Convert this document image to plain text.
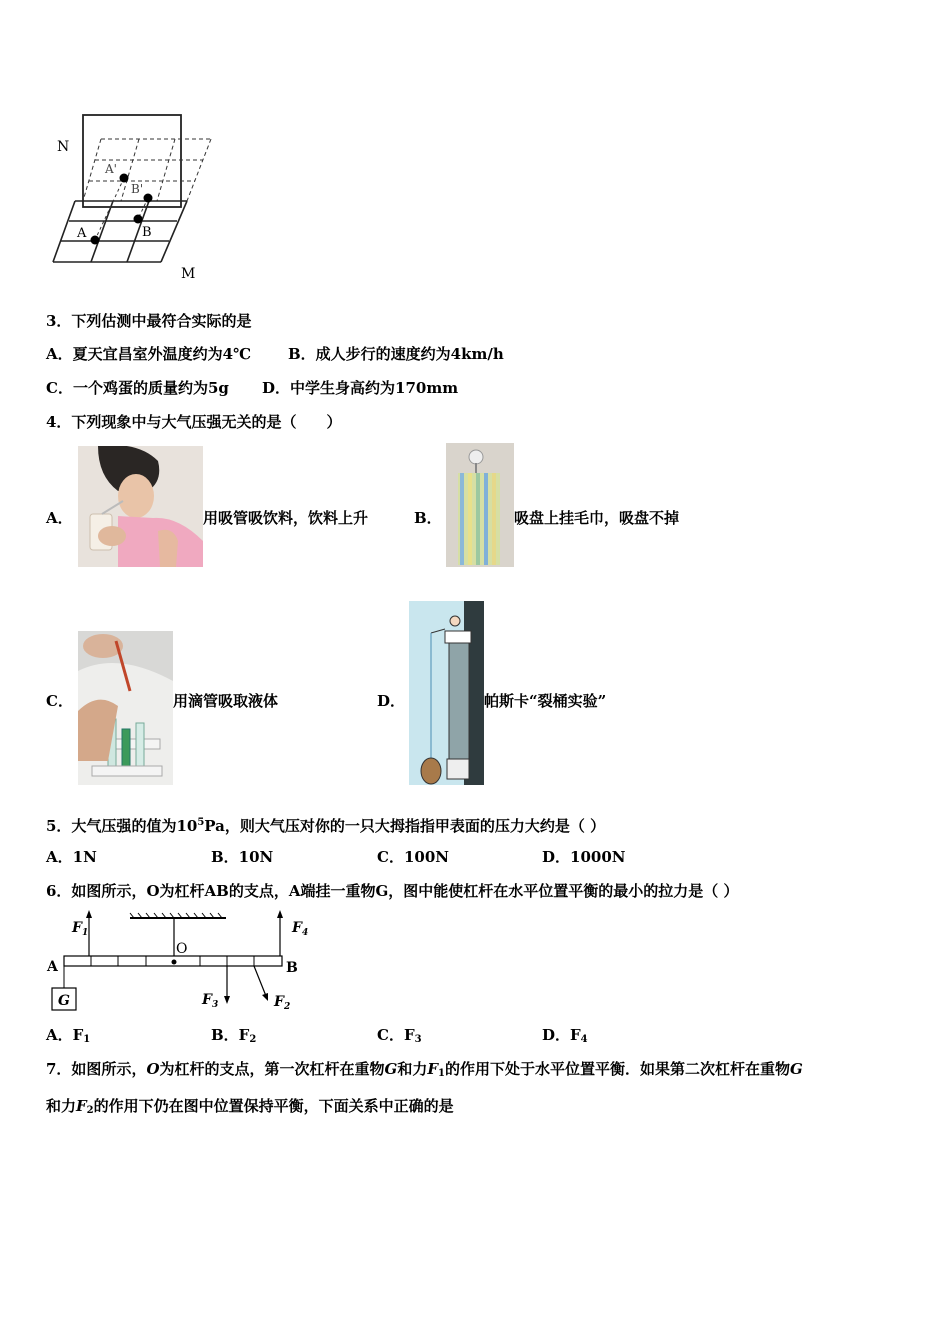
N
M
A'
B'
A	B
3．下列估测中最符合实际的是
A．夏天宜昌室外温度约为4℃ B．成人步行的速度约为4km/h
C．一个鸡蛋的质量约为5g D．中学生身高约为170mm
4．下列现象中与大气压强无关的是（　　）
A．	用吸管吸饮料，饮料上升	B．	吸盘上挂毛巾，吸盘不掉
C．	用滴管吸取液体	D．	帕斯卡“裂桶实验”
5．大气压强的值为$10^5Pa$，则大气压对你的一只大拇指指甲表面的压力大约是（ ）
A．1N	B．10N	C．100N	D．1000N
6．如图所示，O为杠杆AB的支点，A端挂一重物G，图中能使杠杆在水平位置平衡的最小的拉力是（ ）
A	B
O
G
$F_1$	$F_4$
$F_3$	$F_2$
A．$F_1$	B．$F_2$	C．$F_3$	D．$F_4$
7．如图所示，O为杠杆的支点，第一次杠杆在重物G和力$F_1$的作用下处于水平位置平衡．如果第二次杠杆在重物G
和力$F_2$的作用下仍在图中位置保持平衡，下面关系中正确的是
